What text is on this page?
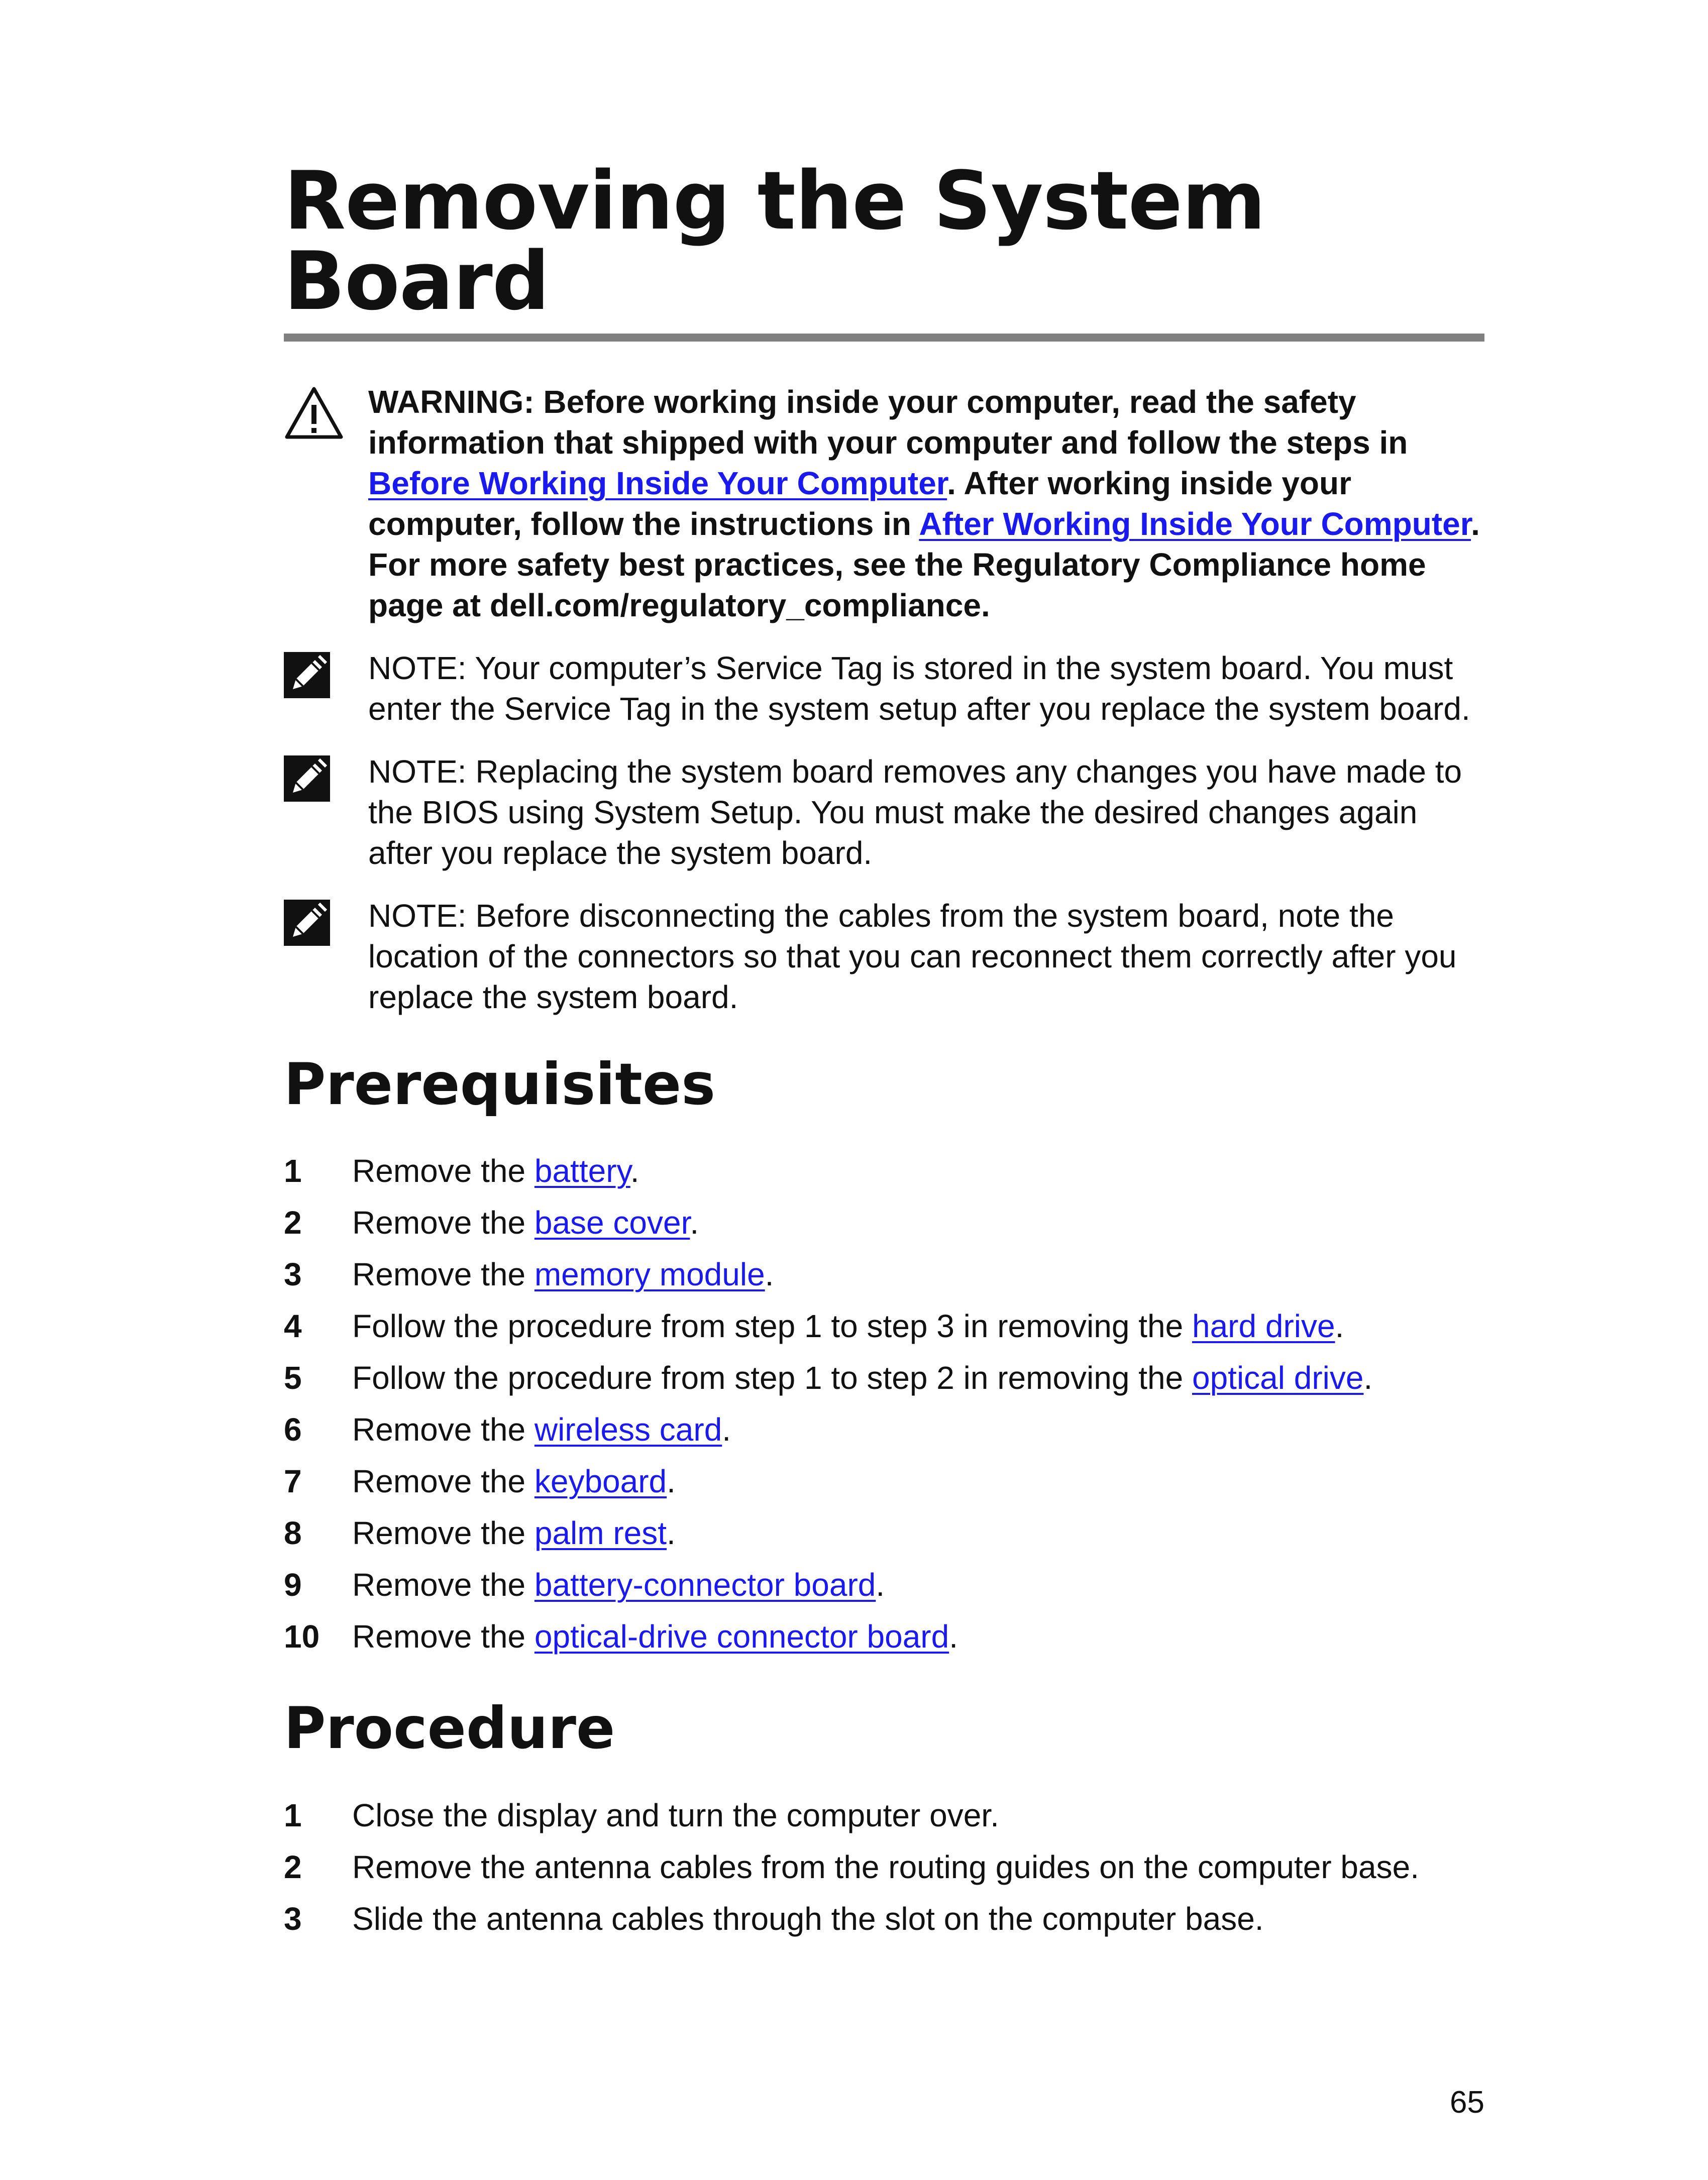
Removing the System Board
WARNING: Before working inside your computer, read the safety information that shipped with your computer and follow the steps in Before Working Inside Your Computer. After working inside your computer, follow the instructions in After Working Inside Your Computer. For more safety best practices, see the Regulatory Compliance home page at dell.com/regulatory_compliance.
NOTE: Your computer’s Service Tag is stored in the system board. You must enter the Service Tag in the system setup after you replace the system board.
NOTE: Replacing the system board removes any changes you have made to the BIOS using System Setup. You must make the desired changes again after you replace the system board.
NOTE: Before disconnecting the cables from the system board, note the location of the connectors so that you can reconnect them correctly after you replace the system board.
Prerequisites
1 Remove the battery.
2 Remove the base cover.
3 Remove the memory module.
4 Follow the procedure from step 1 to step 3 in removing the hard drive.
5 Follow the procedure from step 1 to step 2 in removing the optical drive.
6 Remove the wireless card.
7 Remove the keyboard.
8 Remove the palm rest.
9 Remove the battery-connector board.
10 Remove the optical-drive connector board.
Procedure
1 Close the display and turn the computer over.
2 Remove the antenna cables from the routing guides on the computer base.
3 Slide the antenna cables through the slot on the computer base.
65
